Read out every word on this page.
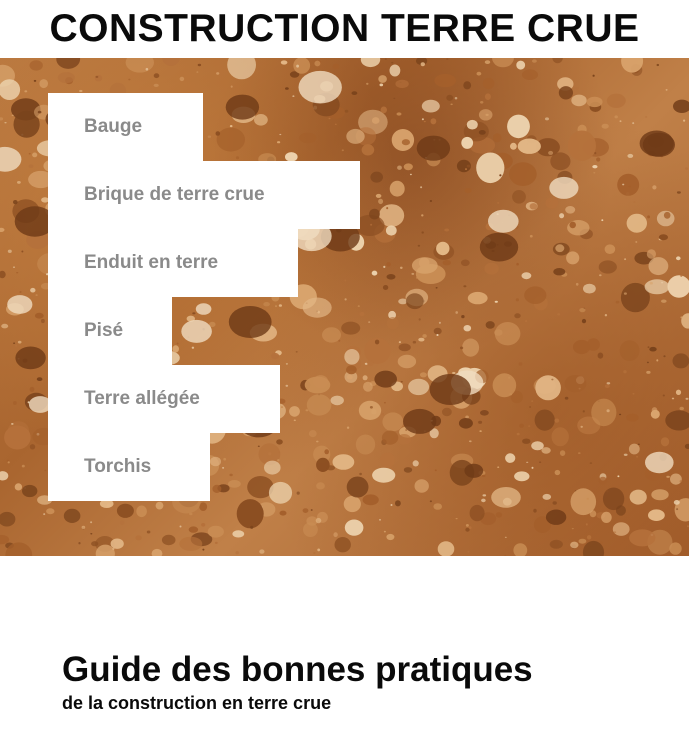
CONSTRUCTION TERRE CRUE
Bauge
Brique de terre crue
Enduit en terre
Pisé
Terre allégée
Torchis
Guide des bonnes pratiques
de la construction en terre crue
